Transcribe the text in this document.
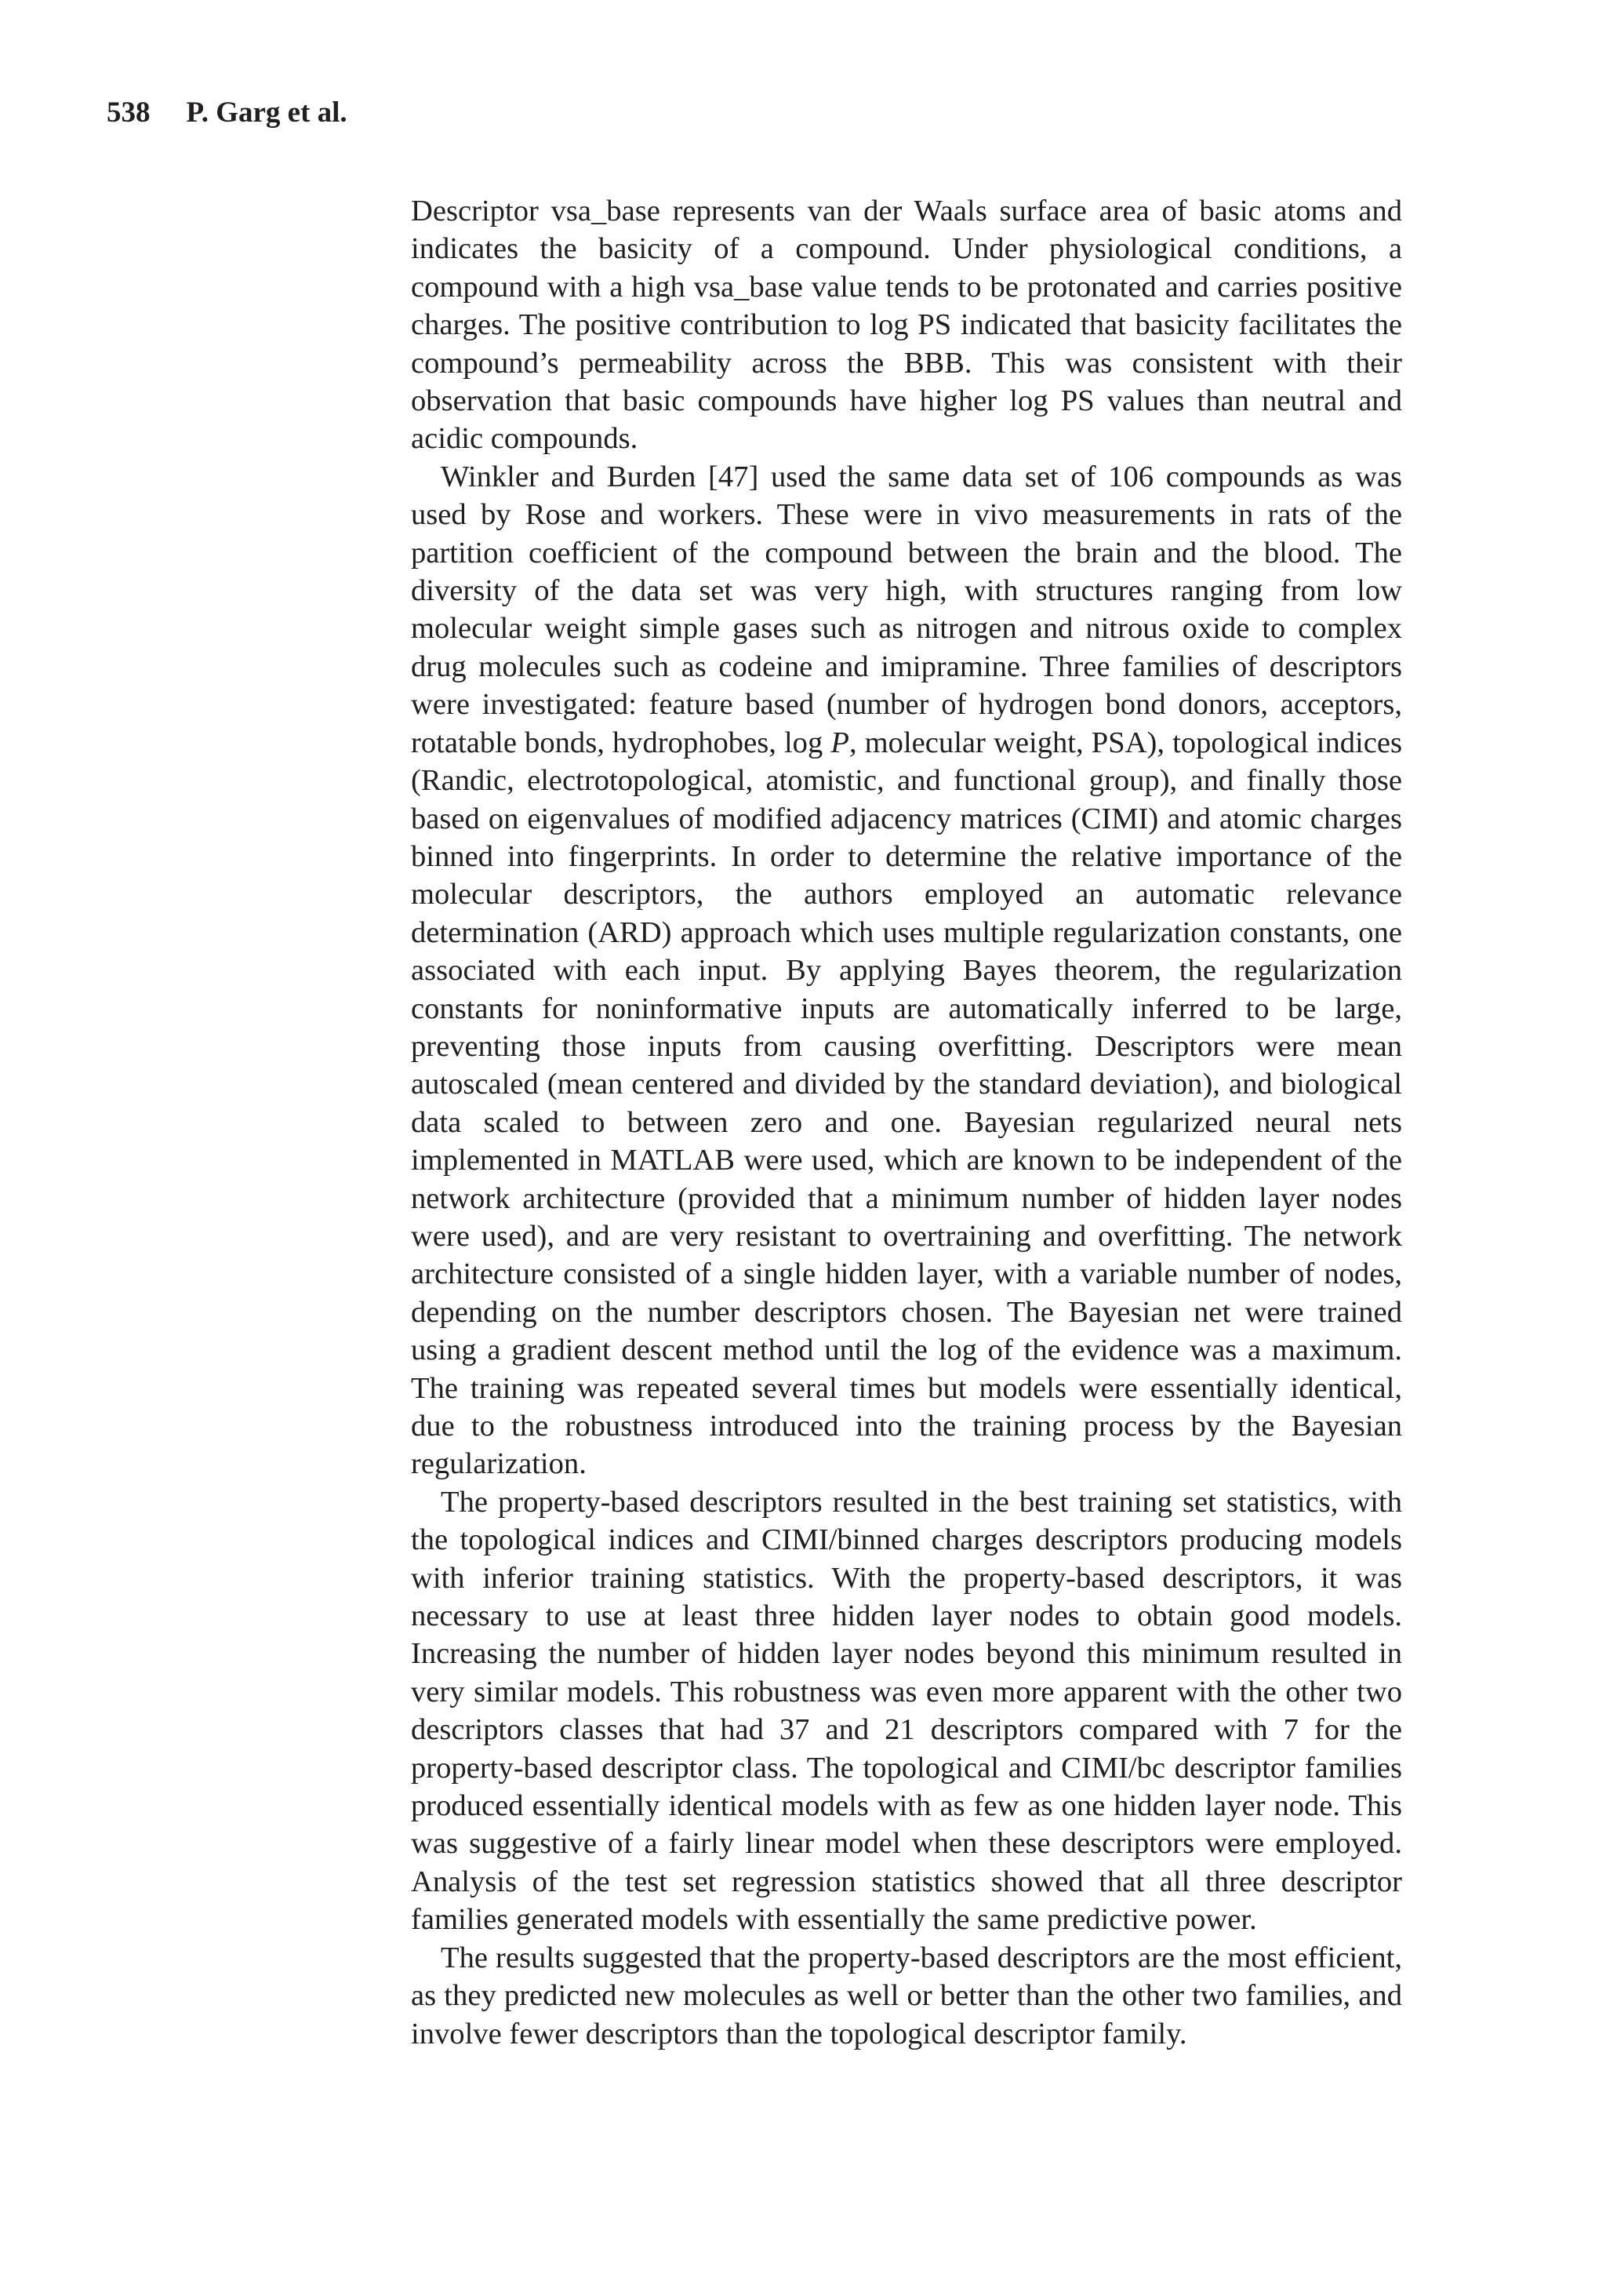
538 P. Garg et al.

Descriptor vsa_base represents van der Waals surface area of basic atoms and indicates the basicity of a compound. Under physiological conditions, a compound with a high vsa_base value tends to be protonated and carries positive charges. The positive contribution to log PS indicated that basicity facilitates the compound’s permeability across the BBB. This was consistent with their observation that basic compounds have higher log PS values than neutral and acidic compounds.

Winkler and Burden [47] used the same data set of 106 compounds as was used by Rose and workers. These were in vivo measurements in rats of the partition coefficient of the compound between the brain and the blood. The diversity of the data set was very high, with structures ranging from low molecular weight simple gases such as nitrogen and nitrous oxide to complex drug molecules such as codeine and imipramine. Three families of descriptors were investigated: feature based (number of hydrogen bond donors, acceptors, rotatable bonds, hydrophobes, log P, molecular weight, PSA), topological indices (Randic, electrotopological, atomistic, and functional group), and finally those based on eigenvalues of modified adjacency matrices (CIMI) and atomic charges binned into fingerprints. In order to determine the relative importance of the molecular descriptors, the authors employed an automatic relevance determination (ARD) approach which uses multiple regularization constants, one associated with each input. By applying Bayes theorem, the regularization constants for noninformative inputs are automatically inferred to be large, preventing those inputs from causing overfitting. Descriptors were mean autoscaled (mean centered and divided by the standard deviation), and biological data scaled to between zero and one. Bayesian regularized neural nets implemented in MATLAB were used, which are known to be independent of the network architecture (provided that a minimum number of hidden layer nodes were used), and are very resistant to overtraining and overfitting. The network architecture consisted of a single hidden layer, with a variable number of nodes, depending on the number descriptors chosen. The Bayesian net were trained using a gradient descent method until the log of the evidence was a maximum. The training was repeated several times but models were essentially identical, due to the robustness introduced into the training process by the Bayesian regularization.

The property-based descriptors resulted in the best training set statistics, with the topological indices and CIMI/binned charges descriptors producing models with inferior training statistics. With the property-based descriptors, it was necessary to use at least three hidden layer nodes to obtain good models. Increasing the number of hidden layer nodes beyond this minimum resulted in very similar models. This robustness was even more apparent with the other two descriptors classes that had 37 and 21 descriptors compared with 7 for the property-based descriptor class. The topological and CIMI/bc descriptor families produced essentially identical models with as few as one hidden layer node. This was suggestive of a fairly linear model when these descriptors were employed. Analysis of the test set regression statistics showed that all three descriptor families generated models with essentially the same predictive power.

The results suggested that the property-based descriptors are the most efficient, as they predicted new molecules as well or better than the other two families, and involve fewer descriptors than the topological descriptor family.
